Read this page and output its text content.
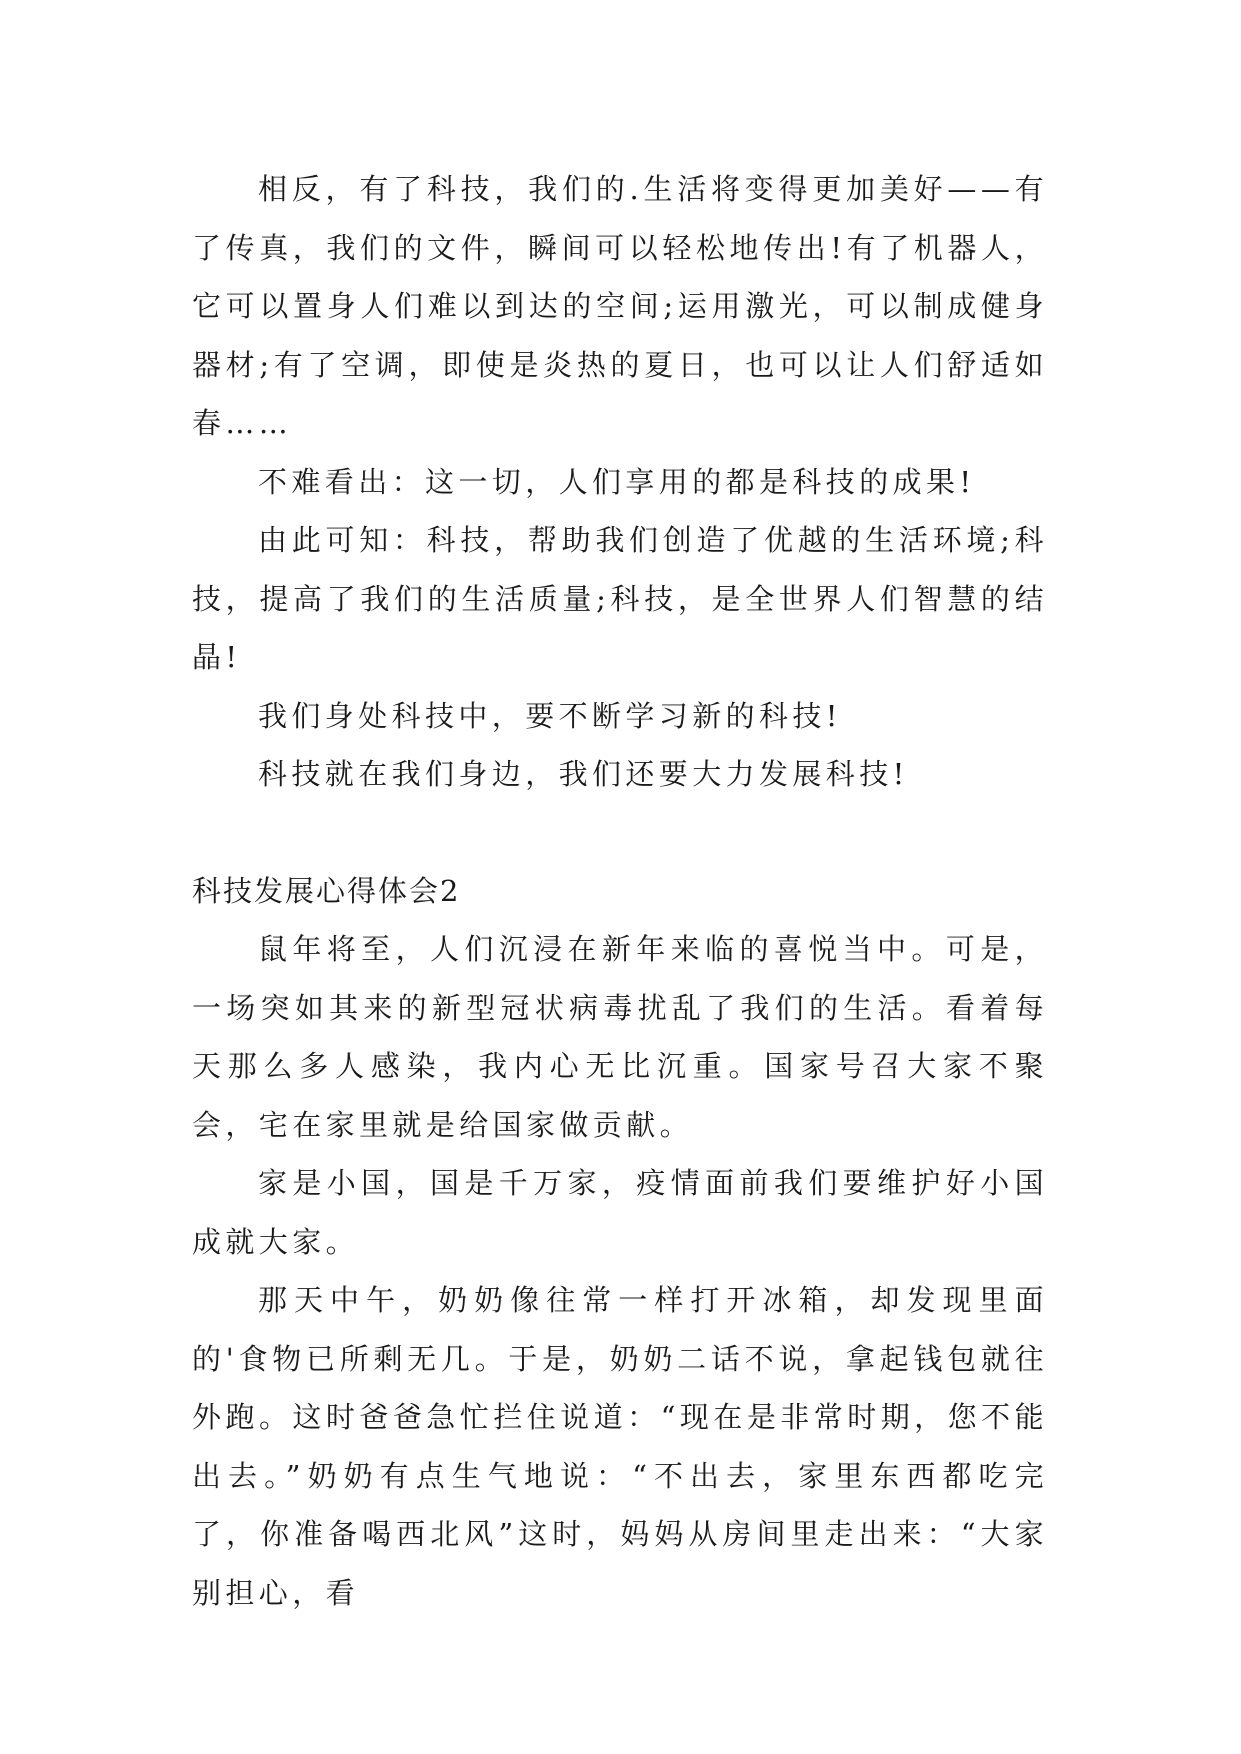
相反，有了科技，我们的.生活将变得更加美好——有了传真，我们的文件，瞬间可以轻松地传出!有了机器人，它可以置身人们难以到达的空间;运用激光，可以制成健身器材;有了空调，即使是炎热的夏日，也可以让人们舒适如春……

不难看出：这一切，人们享用的都是科技的成果!

由此可知：科技，帮助我们创造了优越的生活环境;科技，提高了我们的生活质量;科技，是全世界人们智慧的结晶!

我们身处科技中，要不断学习新的科技!

科技就在我们身边，我们还要大力发展科技!

科技发展心得体会2

鼠年将至，人们沉浸在新年来临的喜悦当中。可是，一场突如其来的新型冠状病毒扰乱了我们的生活。看着每天那么多人感染，我内心无比沉重。国家号召大家不聚会，宅在家里就是给国家做贡献。

家是小国，国是千万家，疫情面前我们要维护好小国成就大家。

那天中午，奶奶像往常一样打开冰箱，却发现里面的'食物已所剩无几。于是，奶奶二话不说，拿起钱包就往外跑。这时爸爸急忙拦住说道：“现在是非常时期，您不能出去。”奶奶有点生气地说：“不出去，家里东西都吃完了，你准备喝西北风”这时，妈妈从房间里走出来：“大家别担心，看
